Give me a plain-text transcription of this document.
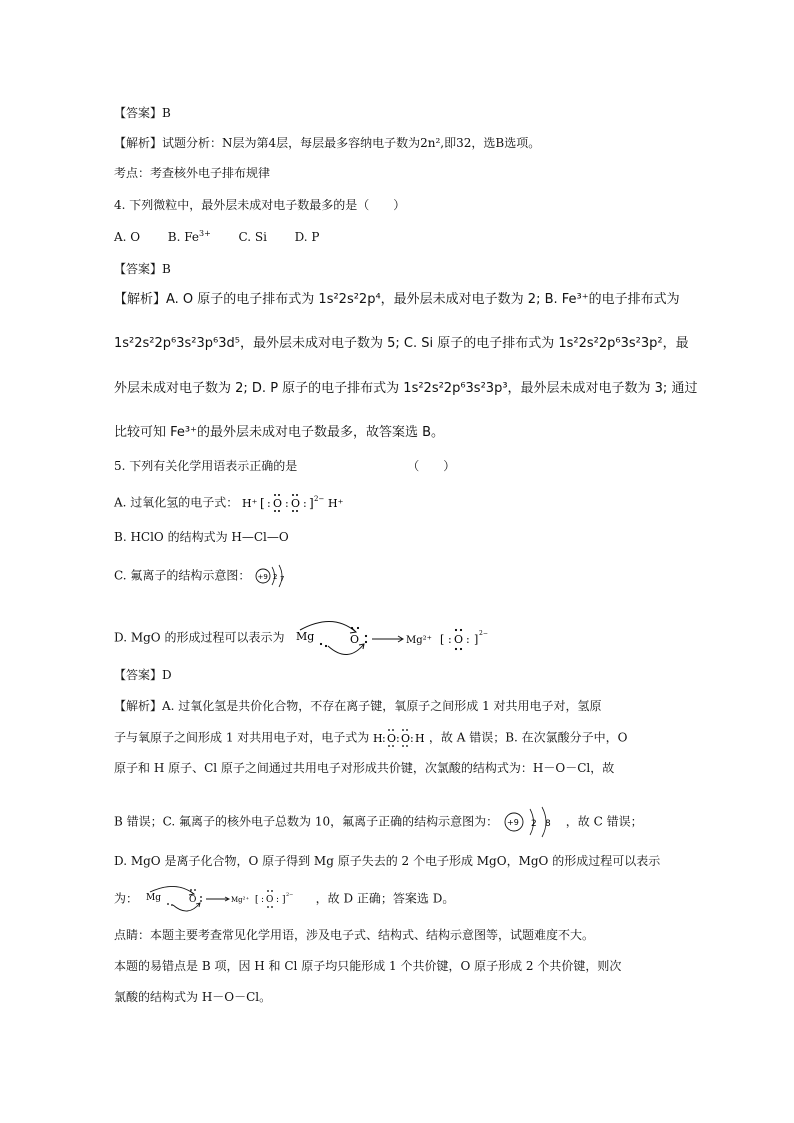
【答案】B
【解析】试题分析：N层为第4层，每层最多容纳电子数为2n²,即32，选B选项。
考点：考查核外电子排布规律
4. 下列微粒中，最外层未成对电子数最多的是（　　）
A. O B. $Fe^{3+}$ C. Si D. P
【答案】B
【解析】A. O 原子的电子排布式为 1s²2s²2p⁴，最外层未成对电子数为 2; B. Fe³⁺的电子排布式为
1s²2s²2p⁶3s²3p⁶3d⁵，最外层未成对电子数为 5; C. Si 原子的电子排布式为 1s²2s²2p⁶3s²3p²，最
外层未成对电子数为 2; D. P 原子的电子排布式为 1s²2s²2p⁶3s²3p³，最外层未成对电子数为 3; 通过
比较可知 Fe³⁺的最外层未成对电子数最多，故答案选 B。
5. 下列有关化学用语表示正确的是	（　　）
A. 过氧化氢的电子式： H⁺ [ : O : O : ] 2− H⁺
B. HClO 的结构式为 H—Cl—O
C. 氟离子的结构示意图： +9 2 7
D. MgO 的形成过程可以表示为 Mg	O	Mg²⁺ [ : O : ] 2−
【答案】D
【解析】A. 过氧化氢是共价化合物，不存在离子键，氧原子之间形成 1 对共用电子对，氢原
子与氧原子之间形成 1 对共用电子对，电子式为 H : O : O : H ，故 A 错误；B. 在次氯酸分子中，O
原子和 H 原子、Cl 原子之间通过共用电子对形成共价键，次氯酸的结构式为：H－O－Cl，故
B 错误；C. 氟离子的核外电子总数为 10，氟离子正确的结构示意图为： +9 2 8 ，故 C 错误；
D. MgO 是离子化合物，O 原子得到 Mg 原子失去的 2 个电子形成 MgO，MgO 的形成过程可以表示
为： Mg	O	Mg²⁺ [ : O : ] 2− ，故 D 正确；答案选 D。
点睛：本题主要考查常见化学用语，涉及电子式、结构式、结构示意图等，试题难度不大。
本题的易错点是 B 项，因 H 和 Cl 原子均只能形成 1 个共价键，O 原子形成 2 个共价键，则次
氯酸的结构式为 H－O－Cl。
